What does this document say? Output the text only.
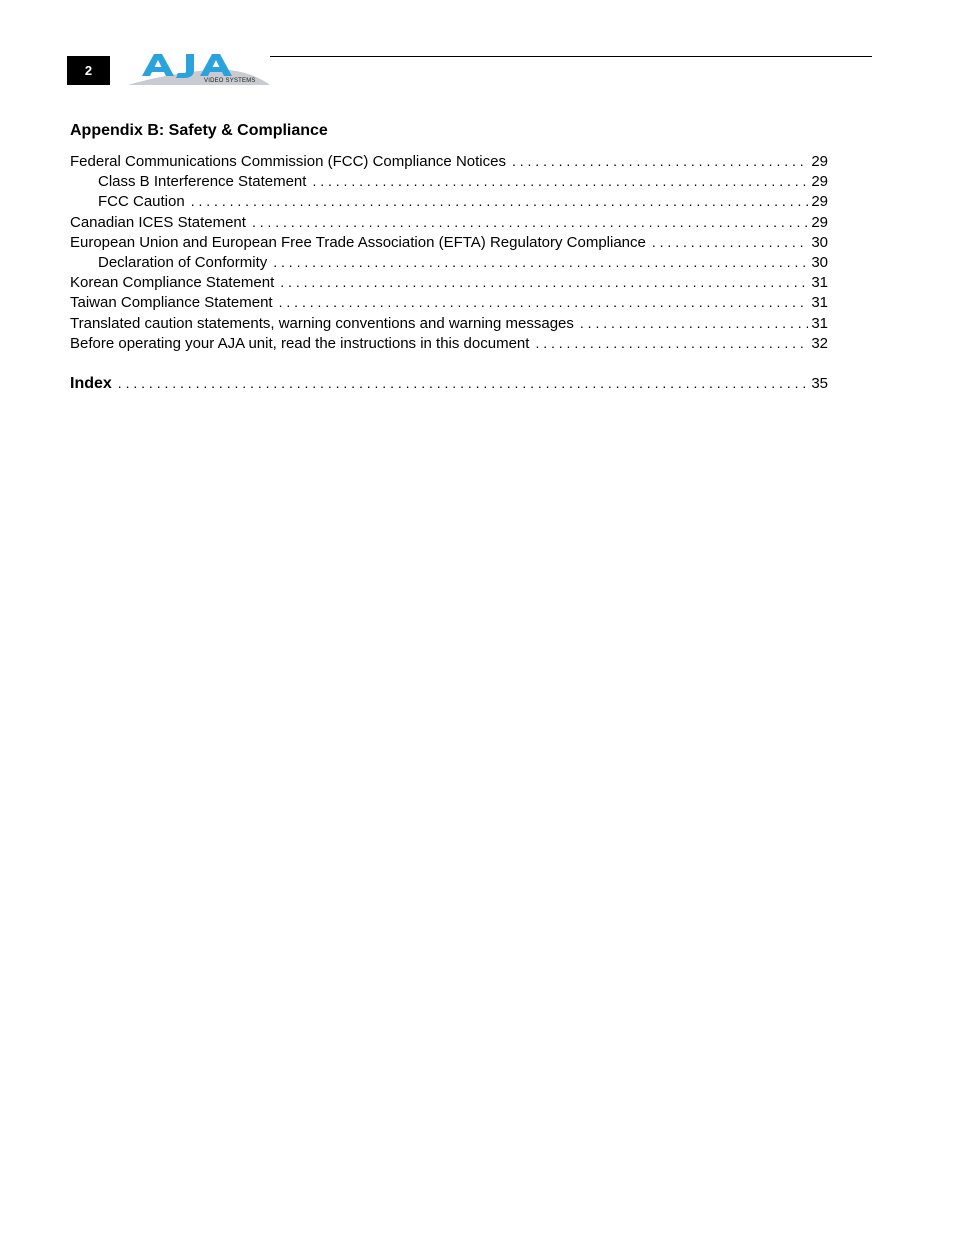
2
VIDEO SYSTEMS
Appendix B: Safety & Compliance
Federal Communications Commission (FCC) Compliance Notices . . .	29
Class B Interference Statement . . .	29
FCC Caution . . .	29
Canadian ICES Statement . . .	29
European Union and European Free Trade Association (EFTA) Regulatory Compliance . . .	30
Declaration of Conformity . . .	30
Korean Compliance Statement . . .	31
Taiwan Compliance Statement . . .	31
Translated caution statements, warning conventions and warning messages . . .	31
Before operating your AJA unit, read the instructions in this document . . .	32
Index . . .	35
